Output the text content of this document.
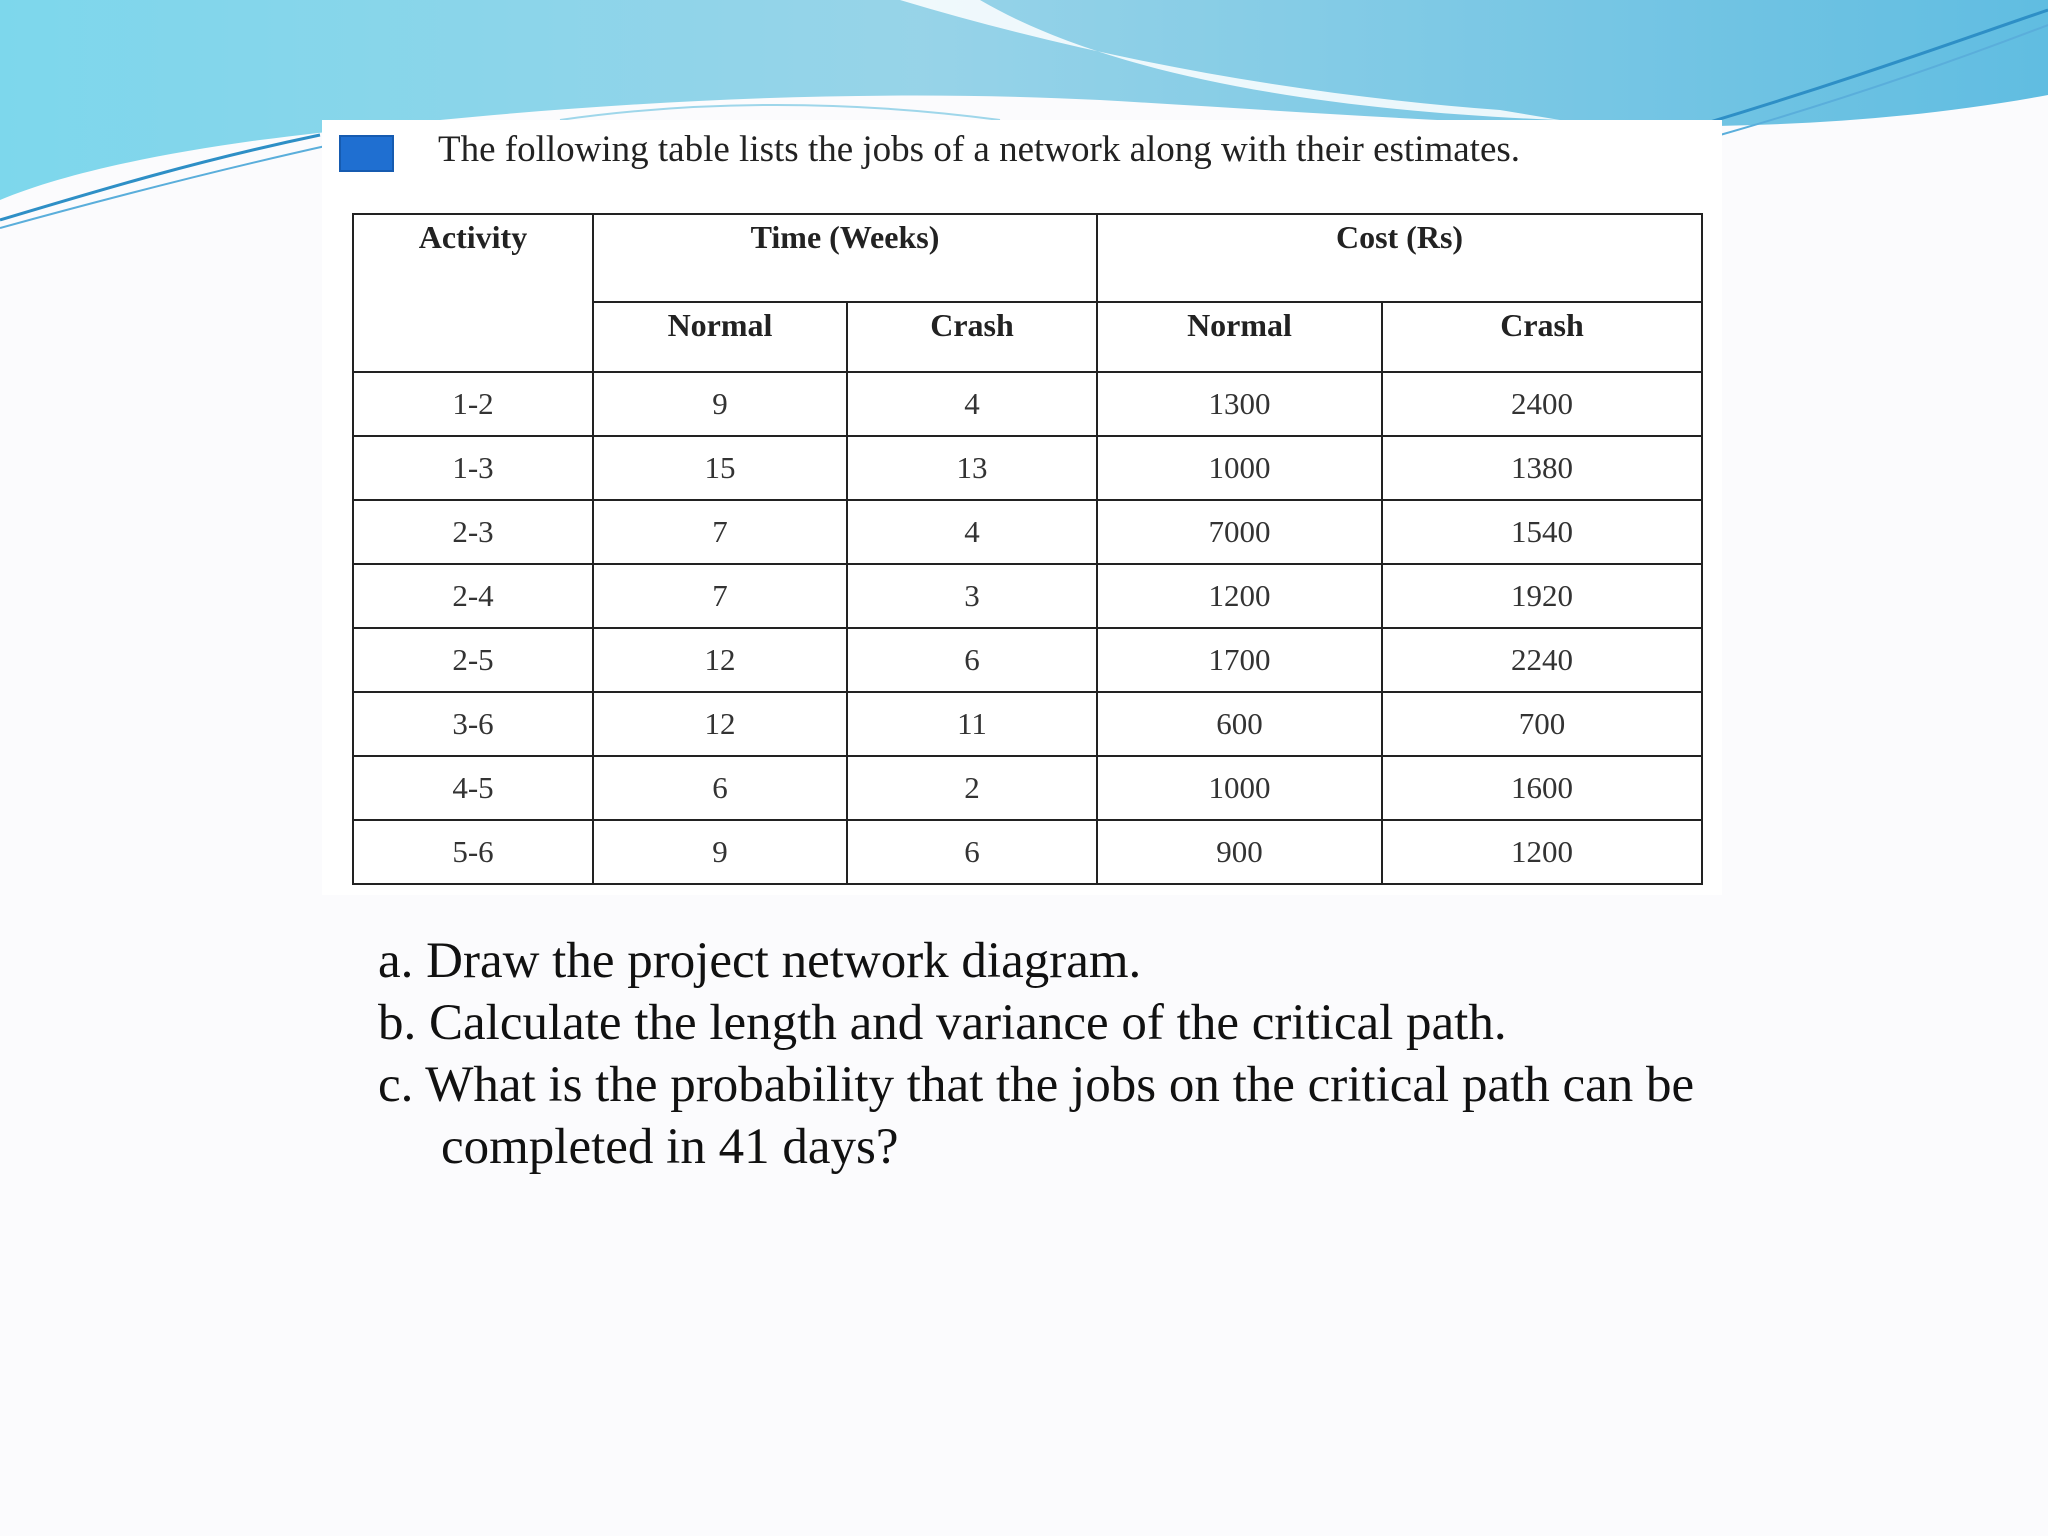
The following table lists the jobs of a network along with their estimates.
Activity	Time (Weeks)		Cost (Rs)	
	Normal	Crash	Normal	Crash
1-2	9	4	1300	2400
1-3	15	13	1000	1380
2-3	7	4	7000	1540
2-4	7	3	1200	1920
2-5	12	6	1700	2240
3-6	12	11	600	700
4-5	6	2	1000	1600
5-6	9	6	900	1200
a. Draw the project network diagram.
b. Calculate the length and variance of the critical path.
c. What is the probability that the jobs on the critical path can be
completed in 41 days?
